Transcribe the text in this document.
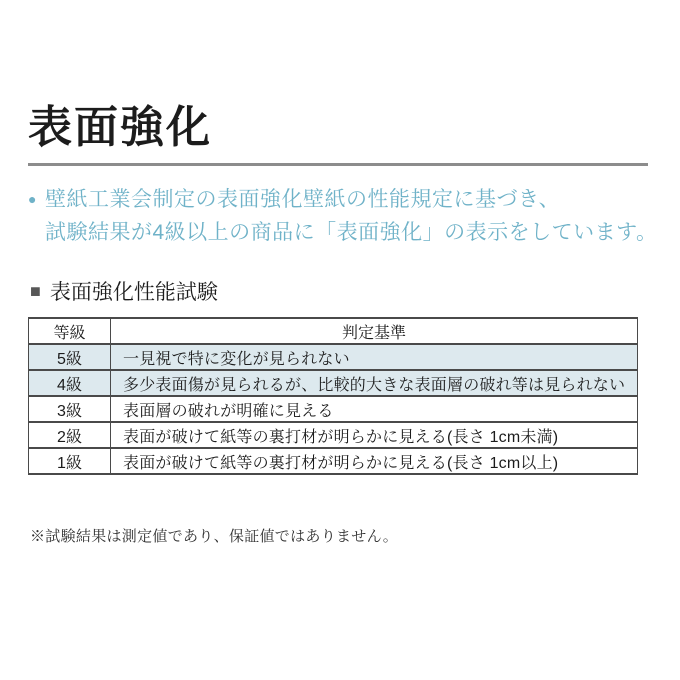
表面強化
● 壁紙工業会制定の表面強化壁紙の性能規定に基づき、
試験結果が4級以上の商品に「表面強化」の表示をしています。
■ 表面強化性能試験
等級	判定基準
5級	一見視で特に変化が見られない
4級	多少表面傷が見られるが、比較的大きな表面層の破れ等は見られない
3級	表面層の破れが明確に見える
2級	表面が破けて紙等の裏打材が明らかに見える(長さ 1cm未満)
1級	表面が破けて紙等の裏打材が明らかに見える(長さ 1cm以上)

※試験結果は測定値であり、保証値ではありません。
